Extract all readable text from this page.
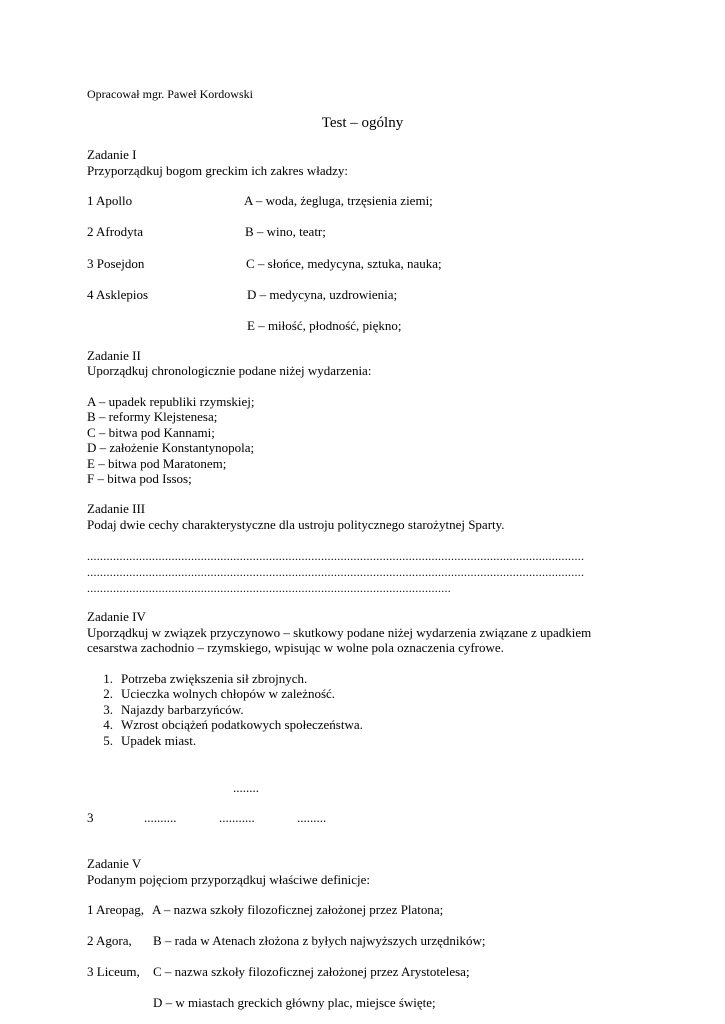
Opracował mgr. Paweł Kordowski
Test – ogólny
Zadanie I
Przyporządkuj bogom greckim ich zakres władzy:
1 Apollo	A – woda, żegluga, trzęsienia ziemi;
2 Afrodyta	B – wino, teatr;
3 Posejdon	C – słońce, medycyna, sztuka, nauka;
4 Asklepios	D – medycyna, uzdrowienia;
E – miłość, płodność, piękno;
Zadanie II
Uporządkuj chronologicznie podane niżej wydarzenia:
A – upadek republiki rzymskiej;
B – reformy Klejstenesa;
C – bitwa pod Kannami;
D – założenie Konstantynopola;
E – bitwa pod Maratonem;
F – bitwa pod Issos;
Zadanie III
Podaj dwie cechy charakterystyczne dla ustroju politycznego starożytnej Sparty.
.........................................................................................................................................................
.........................................................................................................................................................
................................................................................................................
Zadanie IV
Uporządkuj w związek przyczynowo – skutkowy podane niżej wydarzenia związane z upadkiem
cesarstwa zachodnio – rzymskiego, wpisując w wolne pola oznaczenia cyfrowe.
1. Potrzeba zwiększenia sił zbrojnych.
2. Ucieczka wolnych chłopów w zależność.
3. Najazdy barbarzyńców.
4. Wzrost obciążeń podatkowych społeczeństwa.
5. Upadek miast.
........
3	..........	...........	.........
Zadanie V
Podanym pojęciom przyporządkuj właściwe definicje:
1 Areopag, A – nazwa szkoły filozoficznej założonej przez Platona;
2 Agora, B – rada w Atenach złożona z byłych najwyższych urzędników;
3 Liceum, C – nazwa szkoły filozoficznej założonej przez Arystotelesa;
D – w miastach greckich główny plac, miejsce święte;
